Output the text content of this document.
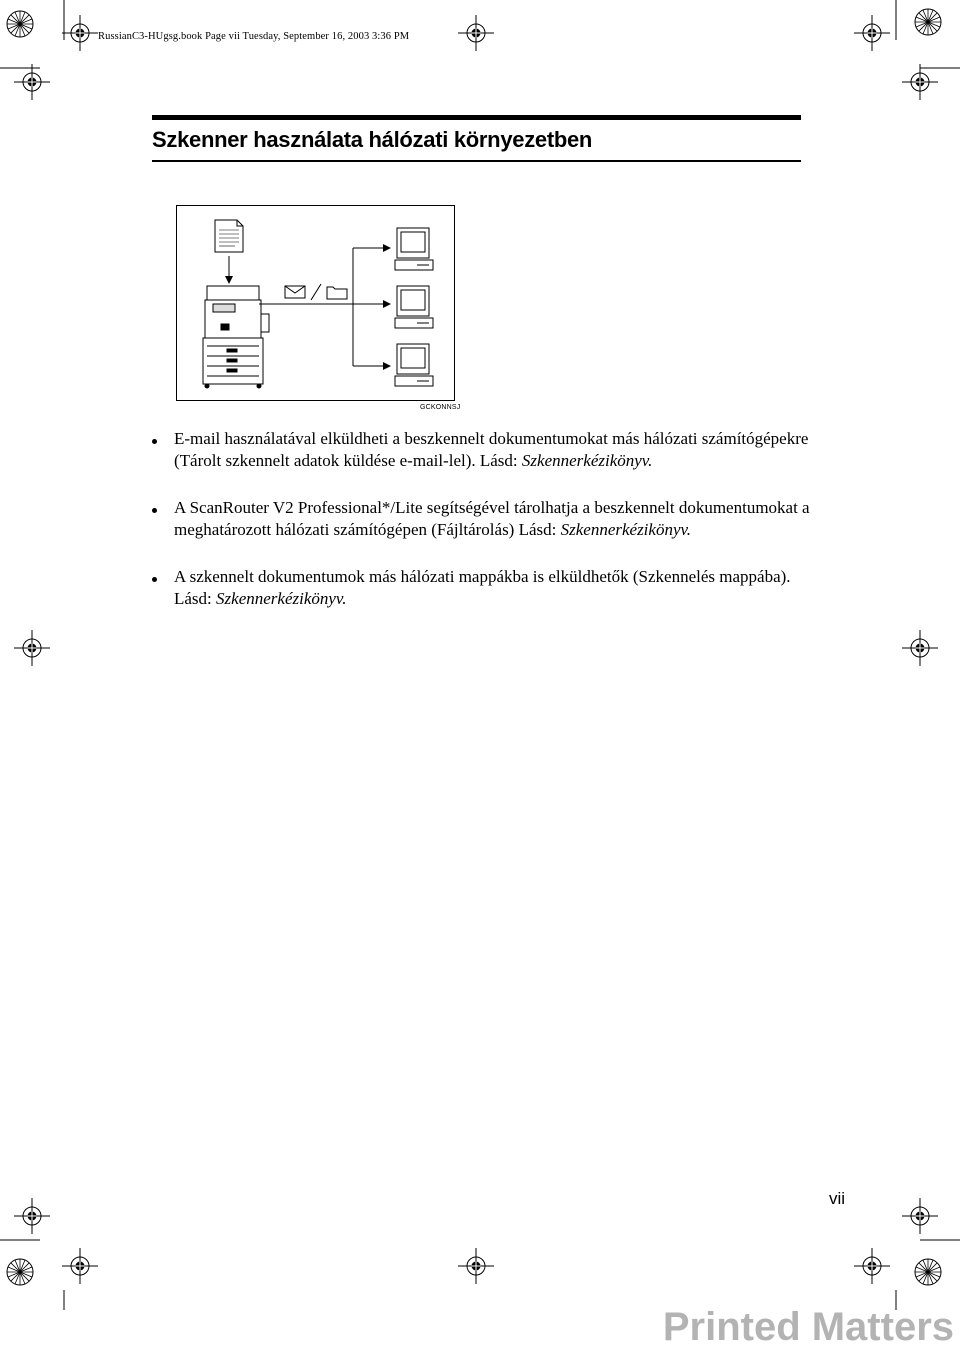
RussianC3-HUgsg.book Page vii Tuesday, September 16, 2003 3:36 PM
Szkenner használata hálózati környezetben
GCKONNSJ
E-mail használatával elküldheti a beszkennelt dokumentumokat más hálózati számítógépekre (Tárolt szkennelt adatok küldése e-mail-lel). Lásd: Szkennerkézikönyv.
A ScanRouter V2 Professional*/Lite segítségével tárolhatja a beszkennelt dokumentumokat a meghatározott hálózati számítógépen (Fájltárolás) Lásd: Szkennerkézikönyv.
A szkennelt dokumentumok más hálózati mappákba is elküldhetők (Szkennelés mappába). Lásd: Szkennerkézikönyv.
vii
Printed Matters
